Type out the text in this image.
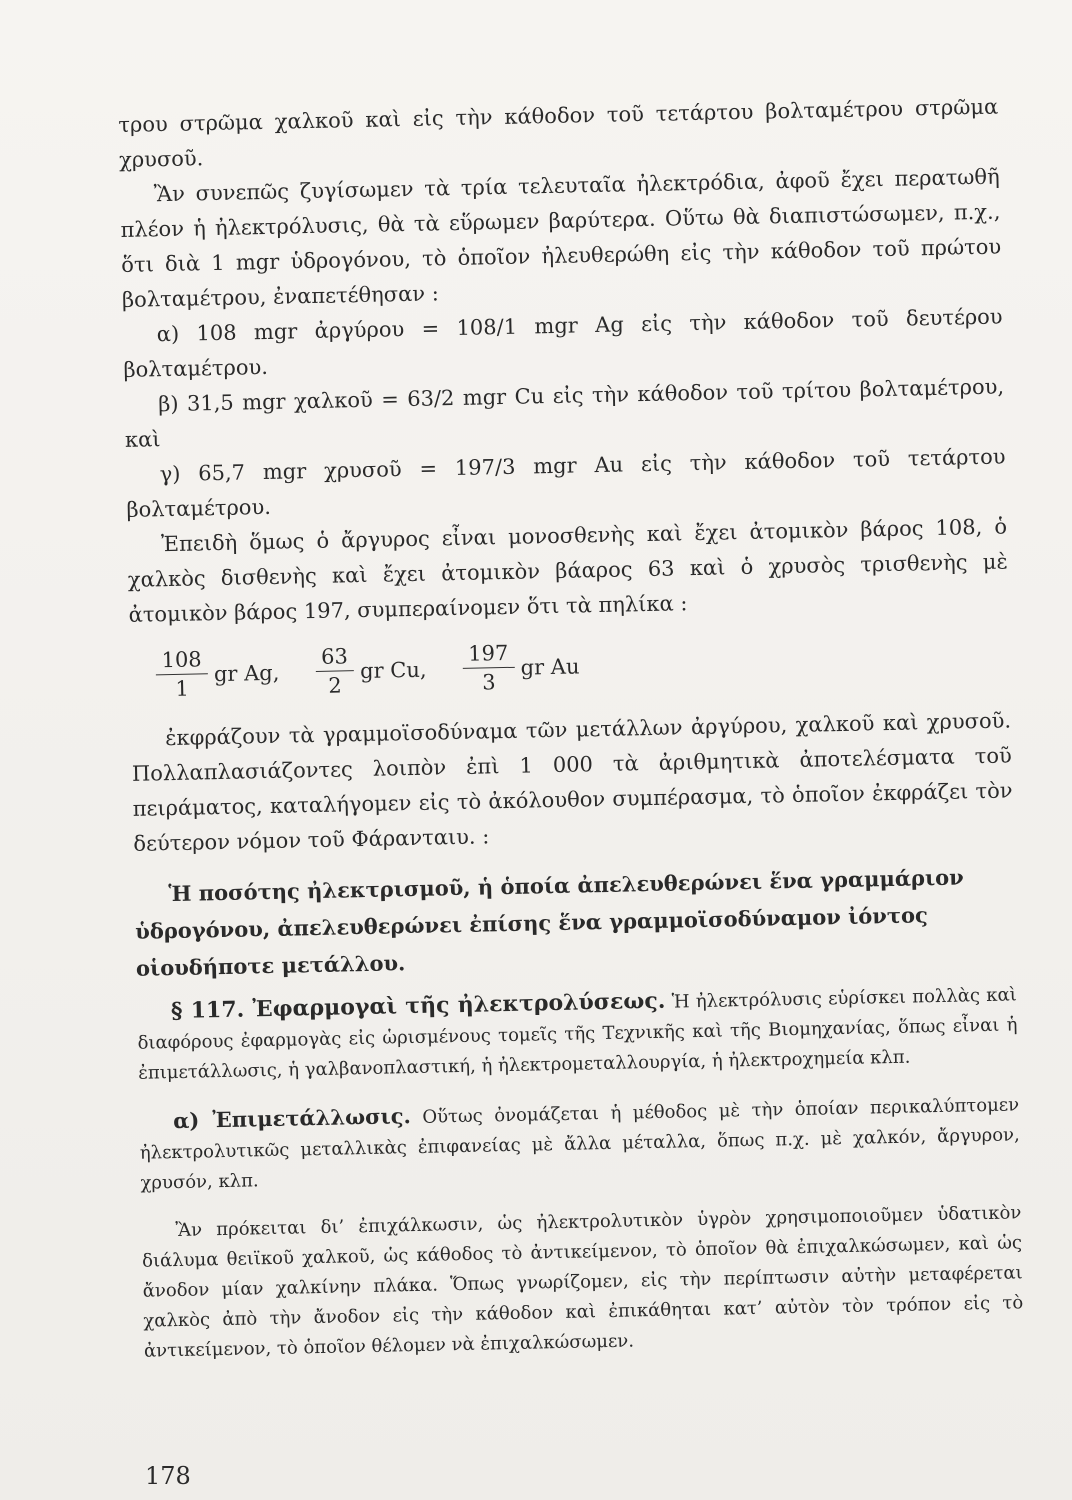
τρου στρῶμα χαλκοῦ καὶ εἰς τὴν κάθοδον τοῦ τετάρτου βολταμέτρου στρῶμα χρυσοῦ.

Ἂν συνεπῶς ζυγίσωμεν τὰ τρία τελευταῖα ἠλεκτρόδια, ἀφοῦ ἔχει περατωθῆ πλέον ἡ ἠλεκτρόλυσις, θὰ τὰ εὕρωμεν βαρύτερα. Οὕτω θὰ διαπιστώσωμεν, π.χ., ὅτι διὰ 1 mgr ὑδρογόνου, τὸ ὁποῖον ἠλευθερώθη εἰς τὴν κάθοδον τοῦ πρώτου βολταμέτρου, ἐναπετέθησαν :

α) 108 mgr ἀργύρου = 108/1 mgr Ag εἰς τὴν κάθοδον τοῦ δευτέρου βολταμέτρου.

β) 31,5 mgr χαλκοῦ = 63/2 mgr Cu εἰς τὴν κάθοδον τοῦ τρίτου βολταμέτρου, καὶ

γ) 65,7 mgr χρυσοῦ = 197/3 mgr Au εἰς τὴν κάθοδον τοῦ τετάρτου βολταμέτρου.

Ἐπειδὴ ὅμως ὁ ἄργυρος εἶναι μονοσθενὴς καὶ ἔχει ἀτομικὸν βάρος 108, ὁ χαλκὸς δισθενὴς καὶ ἔχει ἀτομικὸν βάαρος 63 καὶ ὁ χρυσὸς τρισθενὴς μὲ ἀτομικὸν βάρος 197, συμπεραίνομεν ὅτι τὰ πηλίκα :

$\frac{108}{1}$ gr Ag, $\frac{63}{2}$ gr Cu, $\frac{197}{3}$ gr Au

ἐκφράζουν τὰ γραμμοϊσοδύναμα τῶν μετάλλων ἀργύρου, χαλκοῦ καὶ χρυσοῦ. Πολλαπλασιάζοντες λοιπὸν ἐπὶ 1 000 τὰ ἀριθμητικὰ ἀποτελέσματα τοῦ πειράματος, καταλήγομεν εἰς τὸ ἀκόλουθον συμπέρασμα, τὸ ὁποῖον ἐκφράζει τὸν δεύτερον νόμον τοῦ Φάρανταιυ. :

Ἡ ποσότης ἠλεκτρισμοῦ, ἡ ὁποία ἀπελευθερώνει ἕνα γραμμάριον ὑδρογόνου, ἀπελευθερώνει ἐπίσης ἕνα γραμμοϊσοδύναμον ἰόντος οἱουδήποτε μετάλλου.

§ 117. Ἐφαρμογαὶ τῆς ἠλεκτρολύσεως. Ἡ ἠλεκτρόλυσις εὑρίσκει πολλὰς καὶ διαφόρους ἐφαρμογὰς εἰς ὡρισμένους τομεῖς τῆς Τεχνικῆς καὶ τῆς Βιομηχανίας, ὅπως εἶναι ἡ ἐπιμετάλλωσις, ἡ γαλβανοπλαστική, ἡ ἠλεκτρομεταλλουργία, ἡ ἠλεκτροχημεία κλπ.

α) Ἐπιμετάλλωσις. Οὕτως ὀνομάζεται ἡ μέθοδος μὲ τὴν ὁποίαν περικαλύπτομεν ἠλεκτρολυτικῶς μεταλλικὰς ἐπιφανείας μὲ ἄλλα μέταλλα, ὅπως π.χ. μὲ χαλκόν, ἄργυρον, χρυσόν, κλπ.

Ἂν πρόκειται δι’ ἐπιχάλκωσιν, ὡς ἠλεκτρολυτικὸν ὑγρὸν χρησιμοποιοῦμεν ὑδατικὸν διάλυμα θειϊκοῦ χαλκοῦ, ὡς κάθοδος τὸ ἀντικείμενον, τὸ ὁποῖον θὰ ἐπιχαλκώσωμεν, καὶ ὡς ἄνοδον μίαν χαλκίνην πλάκα. Ὅπως γνωρίζομεν, εἰς τὴν περίπτωσιν αὐτὴν μεταφέρεται χαλκὸς ἀπὸ τὴν ἄνοδον εἰς τὴν κάθοδον καὶ ἐπικάθηται κατ’ αὐτὸν τὸν τρόπον εἰς τὸ ἀντικείμενον, τὸ ὁποῖον θέλομεν νὰ ἐπιχαλκώσωμεν.

178
